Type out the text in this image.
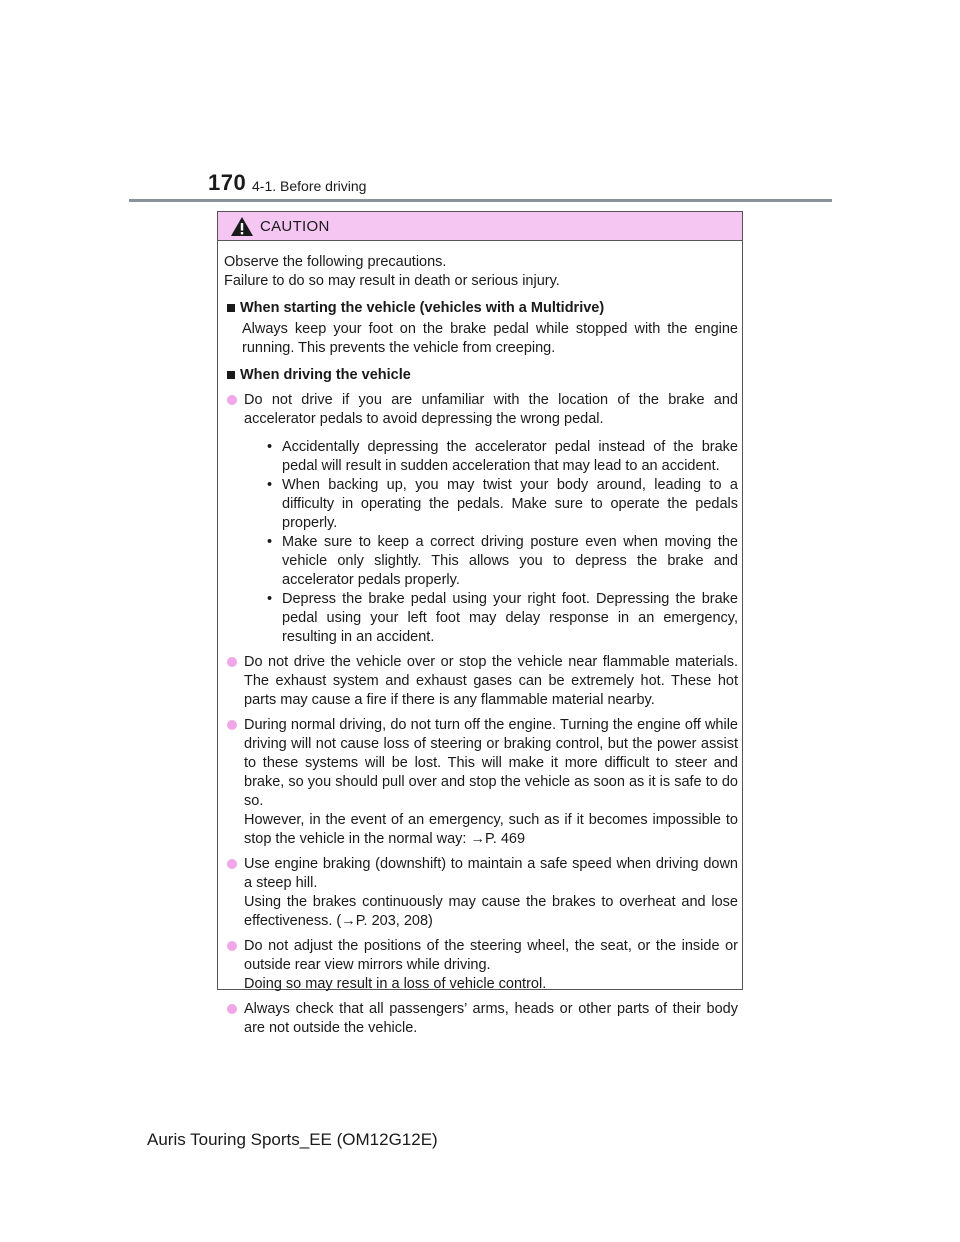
170 4-1. Before driving
CAUTION
Observe the following precautions.
Failure to do so may result in death or serious injury.
When starting the vehicle (vehicles with a Multidrive)
Always keep your foot on the brake pedal while stopped with the engine running. This prevents the vehicle from creeping.
When driving the vehicle
Do not drive if you are unfamiliar with the location of the brake and accelerator pedals to avoid depressing the wrong pedal.
• Accidentally depressing the accelerator pedal instead of the brake pedal will result in sudden acceleration that may lead to an accident.
• When backing up, you may twist your body around, leading to a difficulty in operating the pedals. Make sure to operate the pedals properly.
• Make sure to keep a correct driving posture even when moving the vehicle only slightly. This allows you to depress the brake and accelerator pedals properly.
• Depress the brake pedal using your right foot. Depressing the brake pedal using your left foot may delay response in an emergency, resulting in an accident.
Do not drive the vehicle over or stop the vehicle near flammable materials. The exhaust system and exhaust gases can be extremely hot. These hot parts may cause a fire if there is any flammable material nearby.
During normal driving, do not turn off the engine. Turning the engine off while driving will not cause loss of steering or braking control, but the power assist to these systems will be lost. This will make it more difficult to steer and brake, so you should pull over and stop the vehicle as soon as it is safe to do so.
However, in the event of an emergency, such as if it becomes impossible to stop the vehicle in the normal way: →P. 469
Use engine braking (downshift) to maintain a safe speed when driving down a steep hill.
Using the brakes continuously may cause the brakes to overheat and lose effectiveness. (→P. 203, 208)
Do not adjust the positions of the steering wheel, the seat, or the inside or outside rear view mirrors while driving.
Doing so may result in a loss of vehicle control.
Always check that all passengers’ arms, heads or other parts of their body are not outside the vehicle.
Auris Touring Sports_EE (OM12G12E)
